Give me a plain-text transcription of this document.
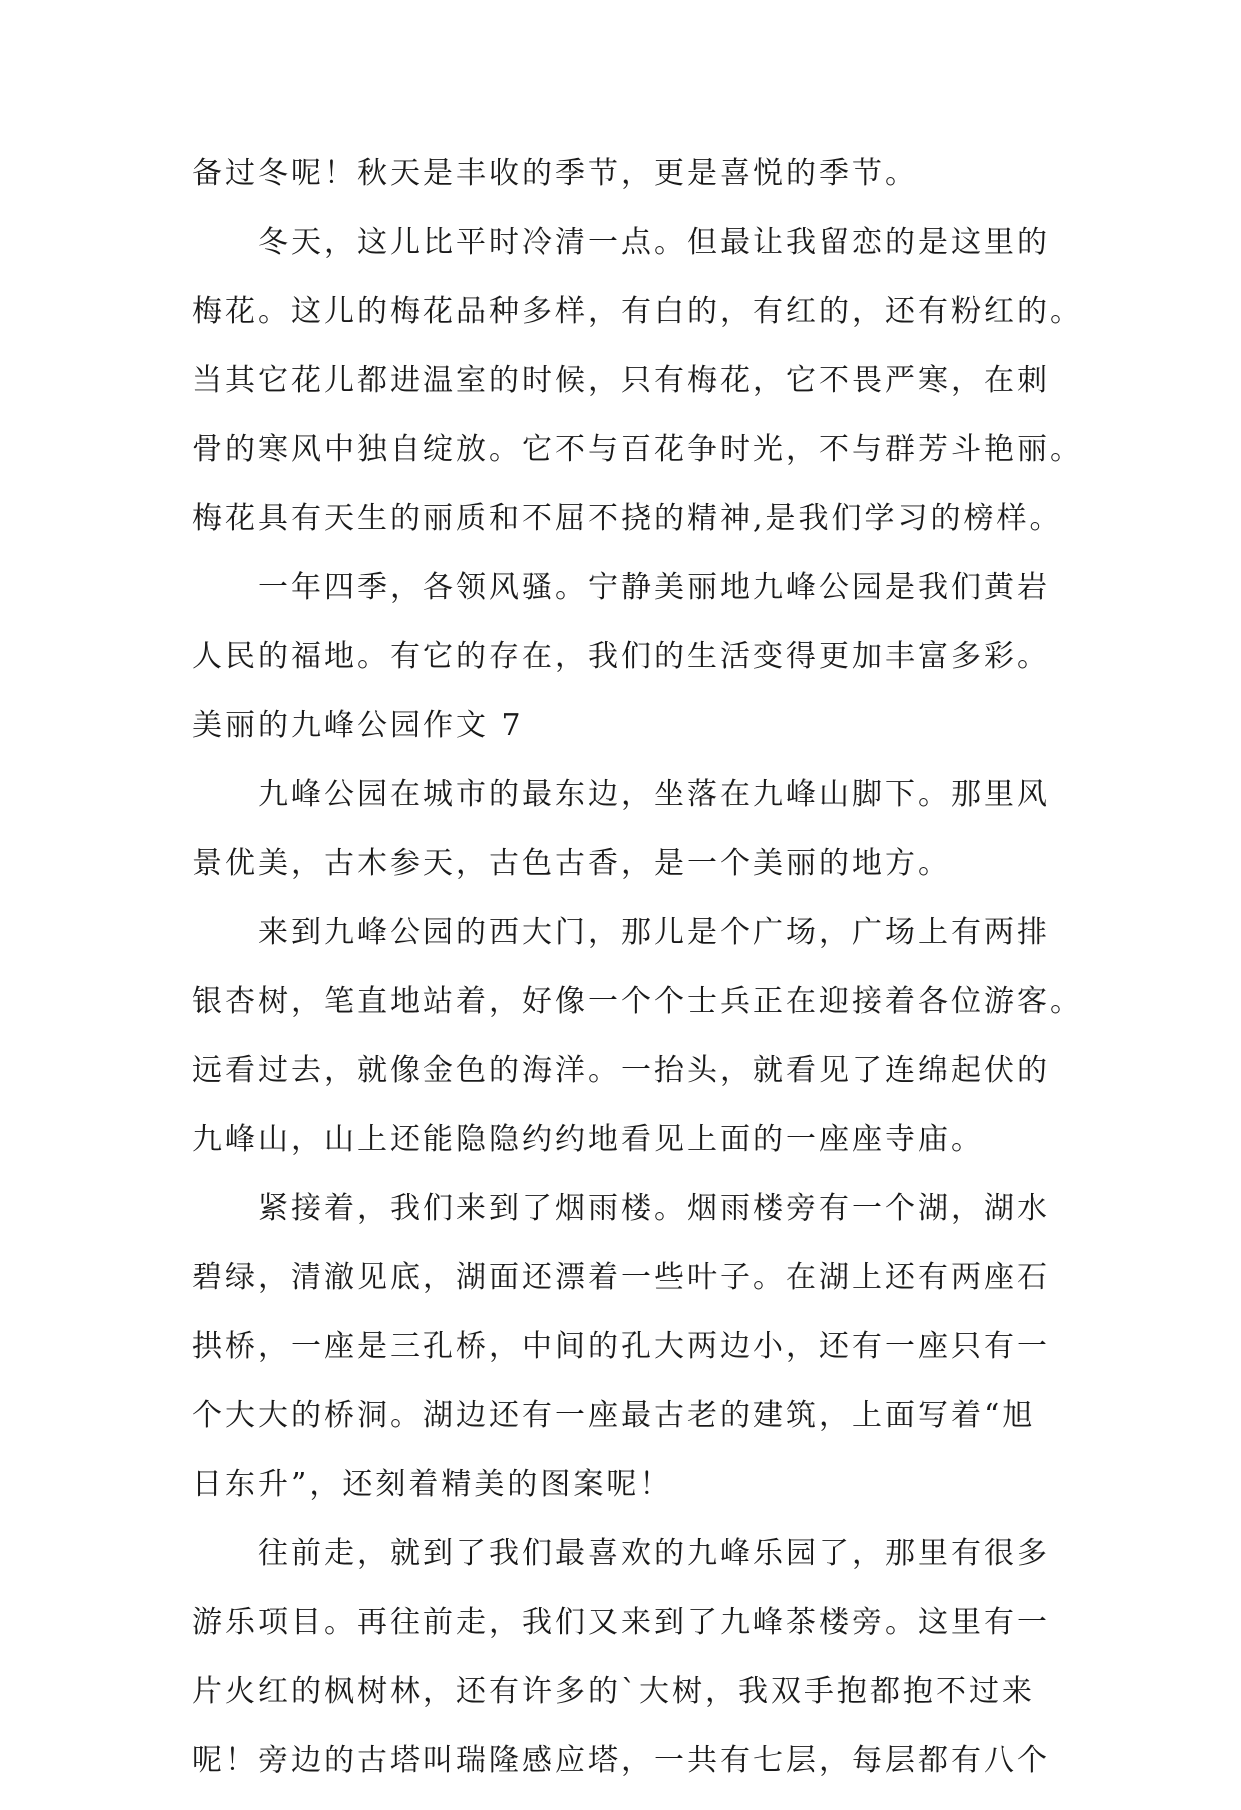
备过冬呢！秋天是丰收的季节，更是喜悦的季节。
冬天，这儿比平时冷清一点。但最让我留恋的是这里的
梅花。这儿的梅花品种多样，有白的，有红的，还有粉红的。
当其它花儿都进温室的时候，只有梅花，它不畏严寒，在刺
骨的寒风中独自绽放。它不与百花争时光，不与群芳斗艳丽。
梅花具有天生的丽质和不屈不挠的精神,是我们学习的榜样。
一年四季，各领风骚。宁静美丽地九峰公园是我们黄岩
人民的福地。有它的存在，我们的生活变得更加丰富多彩。
美丽的九峰公园作文 7
九峰公园在城市的最东边，坐落在九峰山脚下。那里风
景优美，古木参天，古色古香，是一个美丽的地方。
来到九峰公园的西大门，那儿是个广场，广场上有两排
银杏树，笔直地站着，好像一个个士兵正在迎接着各位游客。
远看过去，就像金色的海洋。一抬头，就看见了连绵起伏的
九峰山，山上还能隐隐约约地看见上面的一座座寺庙。
紧接着，我们来到了烟雨楼。烟雨楼旁有一个湖，湖水
碧绿，清澈见底，湖面还漂着一些叶子。在湖上还有两座石
拱桥，一座是三孔桥，中间的孔大两边小，还有一座只有一
个大大的桥洞。湖边还有一座最古老的建筑，上面写着“旭
日东升”，还刻着精美的图案呢！
往前走，就到了我们最喜欢的九峰乐园了，那里有很多
游乐项目。再往前走，我们又来到了九峰茶楼旁。这里有一
片火红的枫树林，还有许多的`大树，我双手抱都抱不过来
呢！旁边的古塔叫瑞隆感应塔，一共有七层，每层都有八个
